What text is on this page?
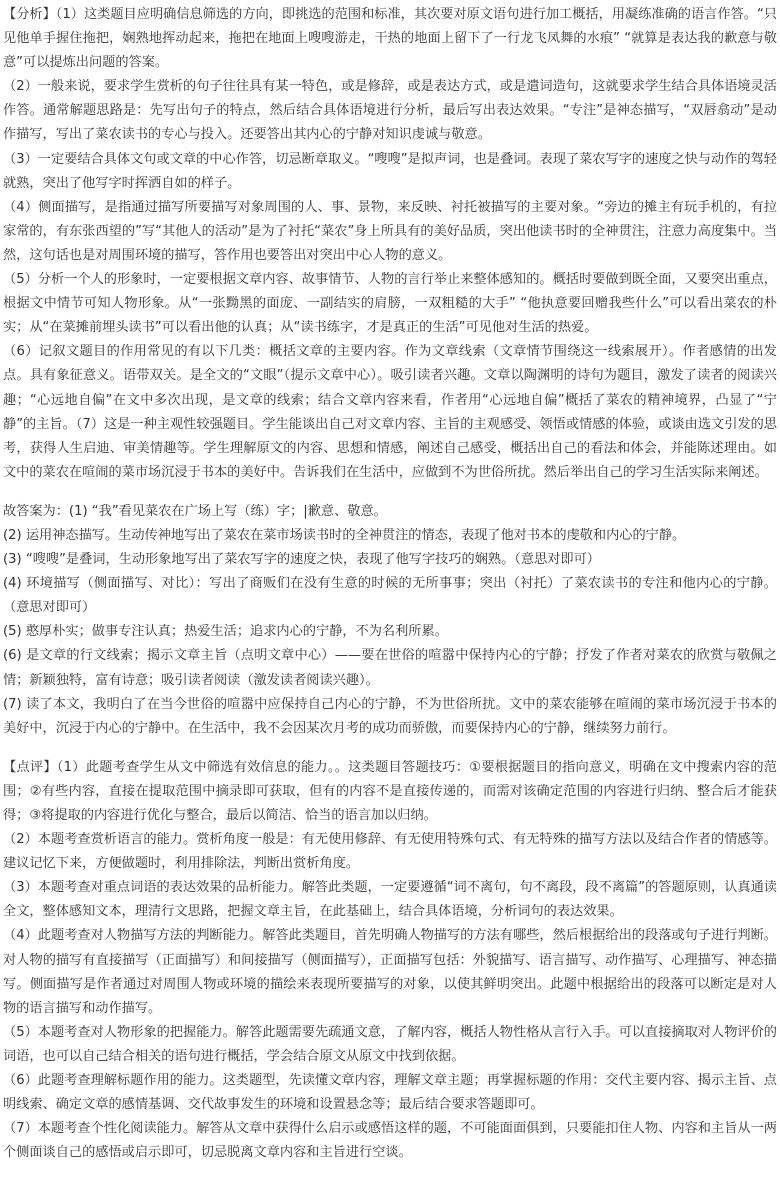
【分析】（1）这类题目应明确信息筛选的方向，即挑选的范围和标准，其次要对原文语句进行加工概括，用凝练准确的语言作答。“只见他单手握住拖把，娴熟地挥动起来，拖把在地面上嗖嗖游走，干热的地面上留下了一行龙飞凤舞的水痕” “就算是表达我的歉意与敬意”可以提炼出问题的答案。

（2）一般来说，要求学生赏析的句子往往具有某一特色，或是修辞，或是表达方式，或是遣词造句，这就要求学生结合具体语境灵活作答。通常解题思路是：先写出句子的特点，然后结合具体语境进行分析，最后写出表达效果。“专注”是神态描写，“双唇翕动”是动作描写，写出了菜农读书的专心与投入。还要答出其内心的宁静对知识虔诚与敬意。

（3）一定要结合具体文句或文章的中心作答，切忌断章取义。“嗖嗖”是拟声词，也是叠词。表现了菜农写字的速度之快与动作的驾轻就熟，突出了他写字时挥洒自如的样子。

（4）侧面描写，是指通过描写所要描写对象周围的人、事、景物，来反映、衬托被描写的主要对象。“旁边的摊主有玩手机的，有拉家常的，有东张西望的”写“其他人的活动”是为了衬托“菜农”身上所具有的美好品质，突出他读书时的全神贯注，注意力高度集中。当然，这句话也是对周围环境的描写，答作用也要答出对突出中心人物的意义。

（5）分析一个人的形象时，一定要根据文章内容、故事情节、人物的言行举止来整体感知的。概括时要做到既全面，又要突出重点，根据文中情节可知人物形象。从“一张黝黑的面庞、一副结实的肩膀，一双粗糙的大手” “他执意要回赠我些什么”可以看出菜农的朴实；从“在菜摊前埋头读书”可以看出他的认真；从“读书练字，才是真正的生活”可见他对生活的热爱。

（6）记叙文题目的作用常见的有以下几类：概括文章的主要内容。作为文章线索（文章情节围绕这一线索展开）。作者感情的出发点。具有象征意义。语带双关。是全文的“文眼”（提示文章中心）。吸引读者兴趣。文章以陶渊明的诗句为题目，激发了读者的阅读兴趣；“心远地自偏”在文中多次出现，是文章的线索；结合文章内容来看，作者用“心远地自偏”概括了菜农的精神境界，凸显了“宁静”的主旨。（7）这是一种主观性较强题目。学生能谈出自己对文章内容、主旨的主观感受、领悟或情感的体验，或谈由选文引发的思考，获得人生启迪、审美情趣等。学生理解原文的内容、思想和情感，阐述自己感受，概括出自己的看法和体会，并能陈述理由。如文中的菜农在喧闹的菜市场沉浸于书本的美好中。告诉我们在生活中，应做到不为世俗所扰。然后举出自己的学习生活实际来阐述。

故答案为：(1) “我”看见菜农在广场上写（练）字；|歉意、敬意。

(2) 运用神态描写。生动传神地写出了菜农在菜市场读书时的全神贯注的情态，表现了他对书本的虔敬和内心的宁静。

(3) “嗖嗖”是叠词，生动形象地写出了菜农写字的速度之快，表现了他写字技巧的娴熟。（意思对即可）

(4) 环境描写（侧面描写、对比）：写出了商贩们在没有生意的时候的无所事事；突出（衬托）了菜农读书的专注和他内心的宁静。（意思对即可）

(5) 憨厚朴实；做事专注认真；热爱生活；追求内心的宁静，不为名利所累。

(6) 是文章的行文线索；揭示文章主旨（点明文章中心）——要在世俗的喧嚣中保持内心的宁静；抒发了作者对菜农的欣赏与敬佩之情；新颖独特，富有诗意；吸引读者阅读（激发读者阅读兴趣）。

(7) 读了本文，我明白了在当今世俗的喧嚣中应保持自己内心的宁静，不为世俗所扰。文中的菜农能够在喧闹的菜市场沉浸于书本的美好中，沉浸于内心的宁静中。在生活中，我不会因某次月考的成功而骄傲，而要保持内心的宁静，继续努力前行。

【点评】（1）此题考查学生从文中筛选有效信息的能力。。这类题目答题技巧：①要根据题目的指向意义，明确在文中搜索内容的范围；②有些内容，直接在提取范围中摘录即可获取，但有的内容不是直接传递的，而需对该确定范围的内容进行归纳、整合后才能获得；③将提取的内容进行优化与整合，最后以简洁、恰当的语言加以归纳。

（2）本题考查赏析语言的能力。赏析角度一般是：有无使用修辞、有无使用特殊句式、有无特殊的描写方法以及结合作者的情感等。建议记忆下来，方便做题时，利用排除法，判断出赏析角度。

（3）本题考查对重点词语的表达效果的品析能力。解答此类题，一定要遵循“词不离句，句不离段，段不离篇”的答题原则，认真通读全文，整体感知文本，理清行文思路，把握文章主旨，在此基础上，结合具体语境，分析词句的表达效果。

（4）此题考查对人物描写方法的判断能力。解答此类题目，首先明确人物描写的方法有哪些，然后根据给出的段落或句子进行判断。对人物的描写有直接描写（正面描写）和间接描写（侧面描写），正面描写包括：外貌描写、语言描写、动作描写、心理描写、神态描写。侧面描写是作者通过对周围人物或环境的描绘来表现所要描写的对象，以使其鲜明突出。此题中根据给出的段落可以断定是对人物的语言描写和动作描写。

（5）本题考查对人物形象的把握能力。解答此题需要先疏通文意，了解内容，概括人物性格从言行入手。可以直接摘取对人物评价的词语，也可以自己结合相关的语句进行概括，学会结合原文从原文中找到依据。

（6）此题考查理解标题作用的能力。这类题型，先读懂文章内容，理解文章主题；再掌握标题的作用：交代主要内容、揭示主旨、点明线索、确定文章的感情基调、交代故事发生的环境和设置悬念等；最后结合要求答题即可。

（7）本题考查个性化阅读能力。解答从文章中获得什么启示或感悟这样的题，不可能面面俱到，只要能扣住人物、内容和主旨从一两个侧面谈自己的感悟或启示即可，切忌脱离文章内容和主旨进行空谈。
